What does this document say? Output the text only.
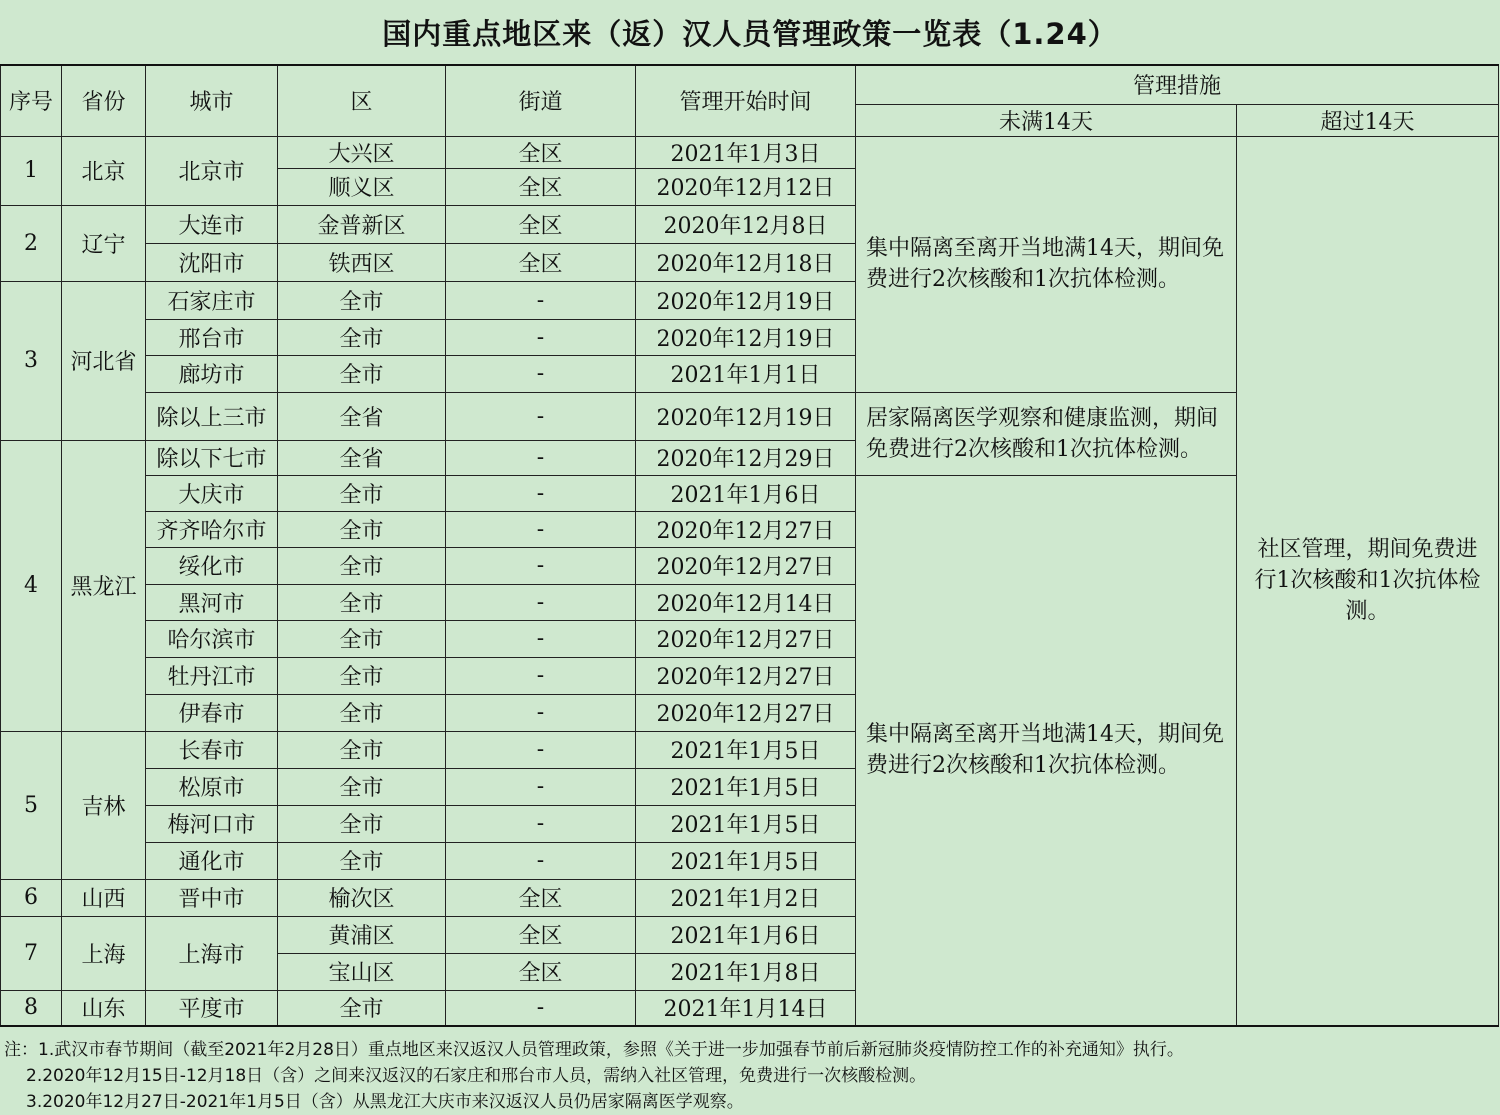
国内重点地区来（返）汉人员管理政策一览表（1.24）
序号	省份	城市	区	街道	管理开始时间	管理措施	
						未满14天	超过14天
1	北京	北京市	大兴区	全区	2021年1月3日	集中隔离至离开当地满14天，期间免费进行2次核酸和1次抗体检测。	社区管理，期间免费进行1次核酸和1次抗体检测。
			顺义区	全区	2020年12月12日		
2	辽宁	大连市	金普新区	全区	2020年12月8日		
		沈阳市	铁西区	全区	2020年12月18日		
3	河北省	石家庄市	全市	-	2020年12月19日		
		邢台市	全市	-	2020年12月19日		
		廊坊市	全市	-	2021年1月1日		
		除以上三市	全省	-	2020年12月19日	居家隔离医学观察和健康监测，期间免费进行2次核酸和1次抗体检测。	
4	黑龙江	除以下七市	全省	-	2020年12月29日		
		大庆市	全市	-	2021年1月6日	集中隔离至离开当地满14天，期间免费进行2次核酸和1次抗体检测。	
		齐齐哈尔市	全市	-	2020年12月27日		
		绥化市	全市	-	2020年12月27日		
		黑河市	全市	-	2020年12月14日		
		哈尔滨市	全市	-	2020年12月27日		
		牡丹江市	全市	-	2020年12月27日		
		伊春市	全市	-	2020年12月27日		
5	吉林	长春市	全市	-	2021年1月5日		
		松原市	全市	-	2021年1月5日		
		梅河口市	全市	-	2021年1月5日		
		通化市	全市	-	2021年1月5日		
6	山西	晋中市	榆次区	全区	2021年1月2日		
7	上海	上海市	黄浦区	全区	2021年1月6日		
			宝山区	全区	2021年1月8日		
8	山东	平度市	全市	-	2021年1月14日		
注：1.武汉市春节期间（截至2021年2月28日）重点地区来汉返汉人员管理政策，参照《关于进一步加强春节前后新冠肺炎疫情防控工作的补充通知》执行。
2.2020年12月15日-12月18日（含）之间来汉返汉的石家庄和邢台市人员，需纳入社区管理，免费进行一次核酸检测。
3.2020年12月27日-2021年1月5日（含）从黑龙江大庆市来汉返汉人员仍居家隔离医学观察。
